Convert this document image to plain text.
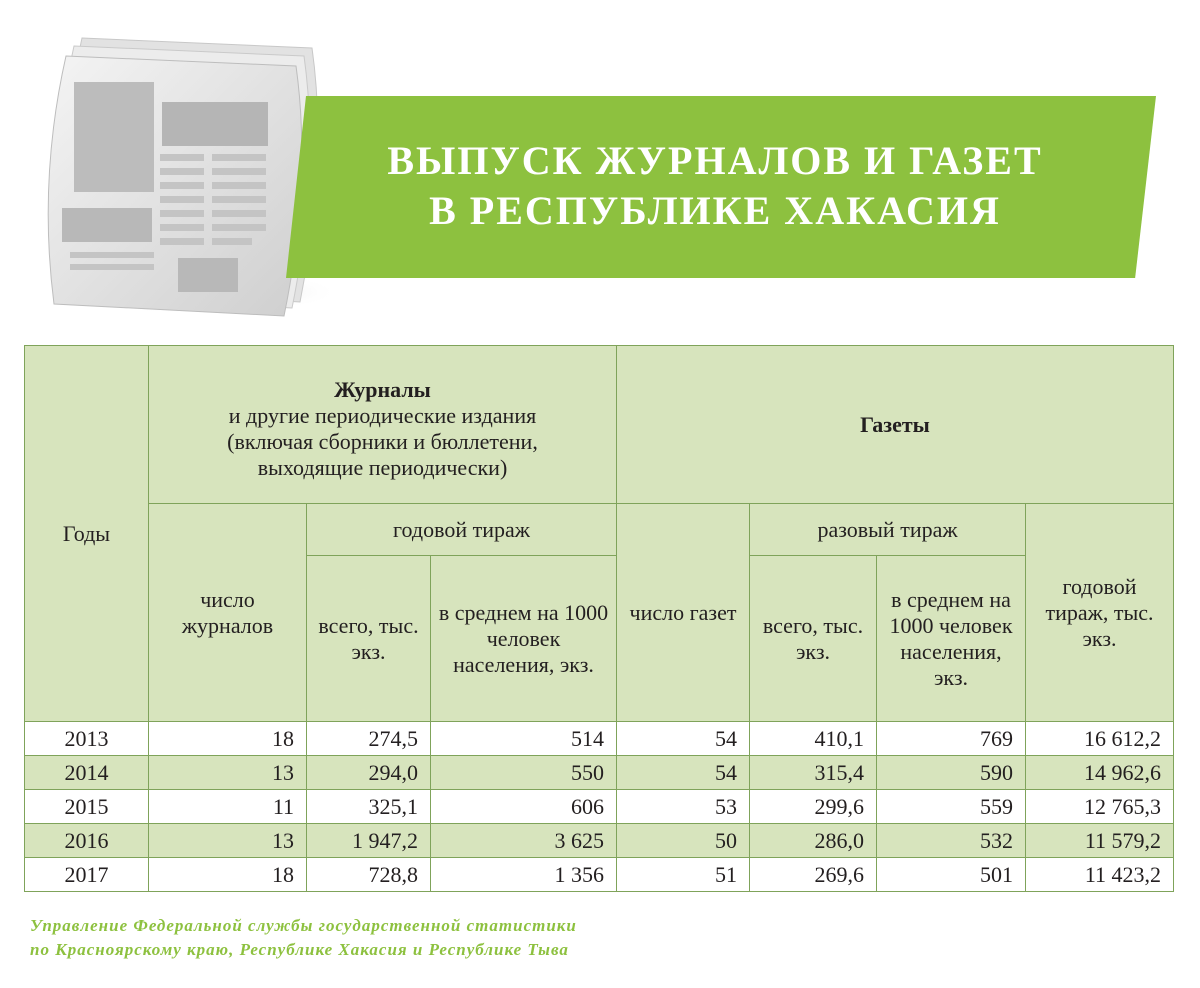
ВЫПУСК ЖУРНАЛОВ И ГАЗЕТ
В РЕСПУБЛИКЕ ХАКАСИЯ
Годы	Журналы
и другие периодические издания
(включая сборники и бюллетени,
выходящие периодически)			Газеты			

	число журналов	годовой тираж		число газет	разовый тираж		годовой тираж, тыс. экз.
		всего, тыс. экз.	в среднем на 1000 человек населения, экз.		всего, тыс. экз.	в среднем на 1000 человек населения, экз.	
2013	18	274,5	514	54	410,1	769	16 612,2
2014	13	294,0	550	54	315,4	590	14 962,6
2015	11	325,1	606	53	299,6	559	12 765,3
2016	13	1 947,2	3 625	50	286,0	532	11 579,2
2017	18	728,8	1 356	51	269,6	501	11 423,2
Управление Федеральной службы государственной статистики
по Красноярскому краю, Республике Хакасия и Республике Тыва
